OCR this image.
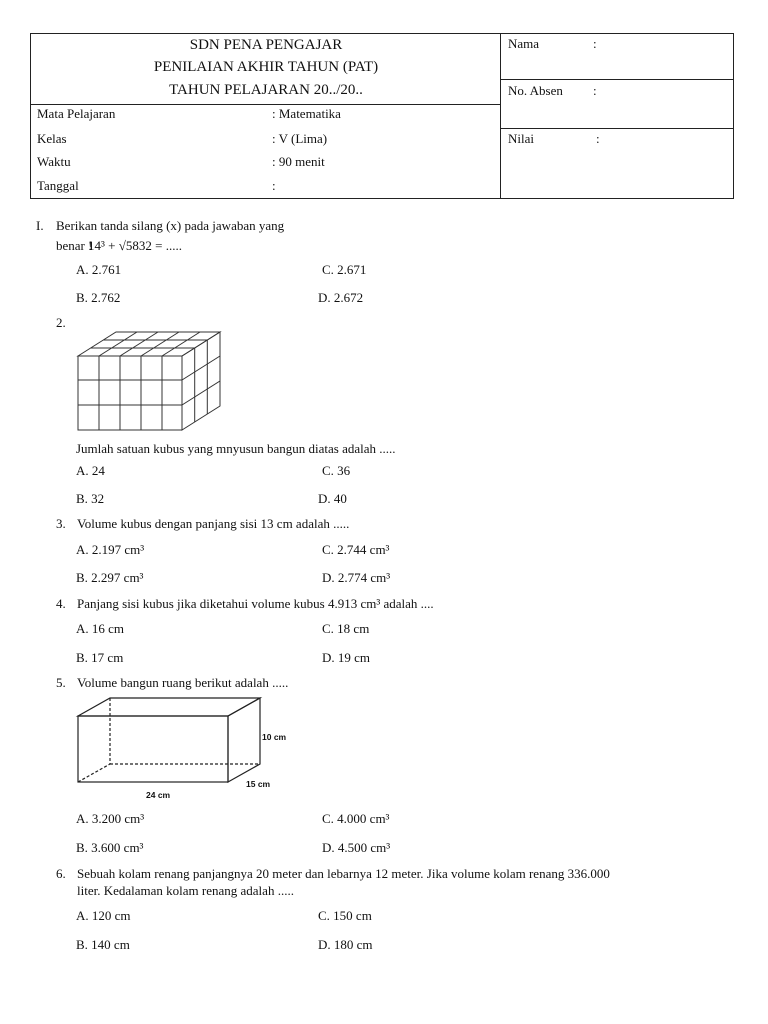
SDN PENA PENGAJAR
PENILAIAN AKHIR TAHUN (PAT)
TAHUN PELAJARAN 20../20..
Mata Pelajaran	: Matematika
Kelas	: V (Lima)
Waktu	: 90 menit
Tanggal	:
Nama	:
No. Absen :
Nilai	:
I. Berikan tanda silang (x) pada jawaban yang
benar !
14³ + √5832 = .....
A. 2.761	C. 2.671
B. 2.762	D. 2.672
2.
Jumlah satuan kubus yang mnyusun bangun diatas adalah .....
A. 24	C. 36
B. 32	D. 40
3. Volume kubus dengan panjang sisi 13 cm adalah .....
A. 2.197 cm³	C. 2.744 cm³
B. 2.297 cm³	D. 2.774 cm³
4. Panjang sisi kubus jika diketahui volume kubus 4.913 cm³ adalah ....
A. 16 cm	C. 18 cm
B. 17 cm	D. 19 cm
5. Volume bangun ruang berikut adalah .....
10 cm
24 cm
15 cm
A. 3.200 cm³	C. 4.000 cm³
B. 3.600 cm³	D. 4.500 cm³
6. Sebuah kolam renang panjangnya 20 meter dan lebarnya 12 meter. Jika volume kolam renang 336.000
liter. Kedalaman kolam renang adalah .....
A. 120 cm	C. 150 cm
B. 140 cm	D. 180 cm
